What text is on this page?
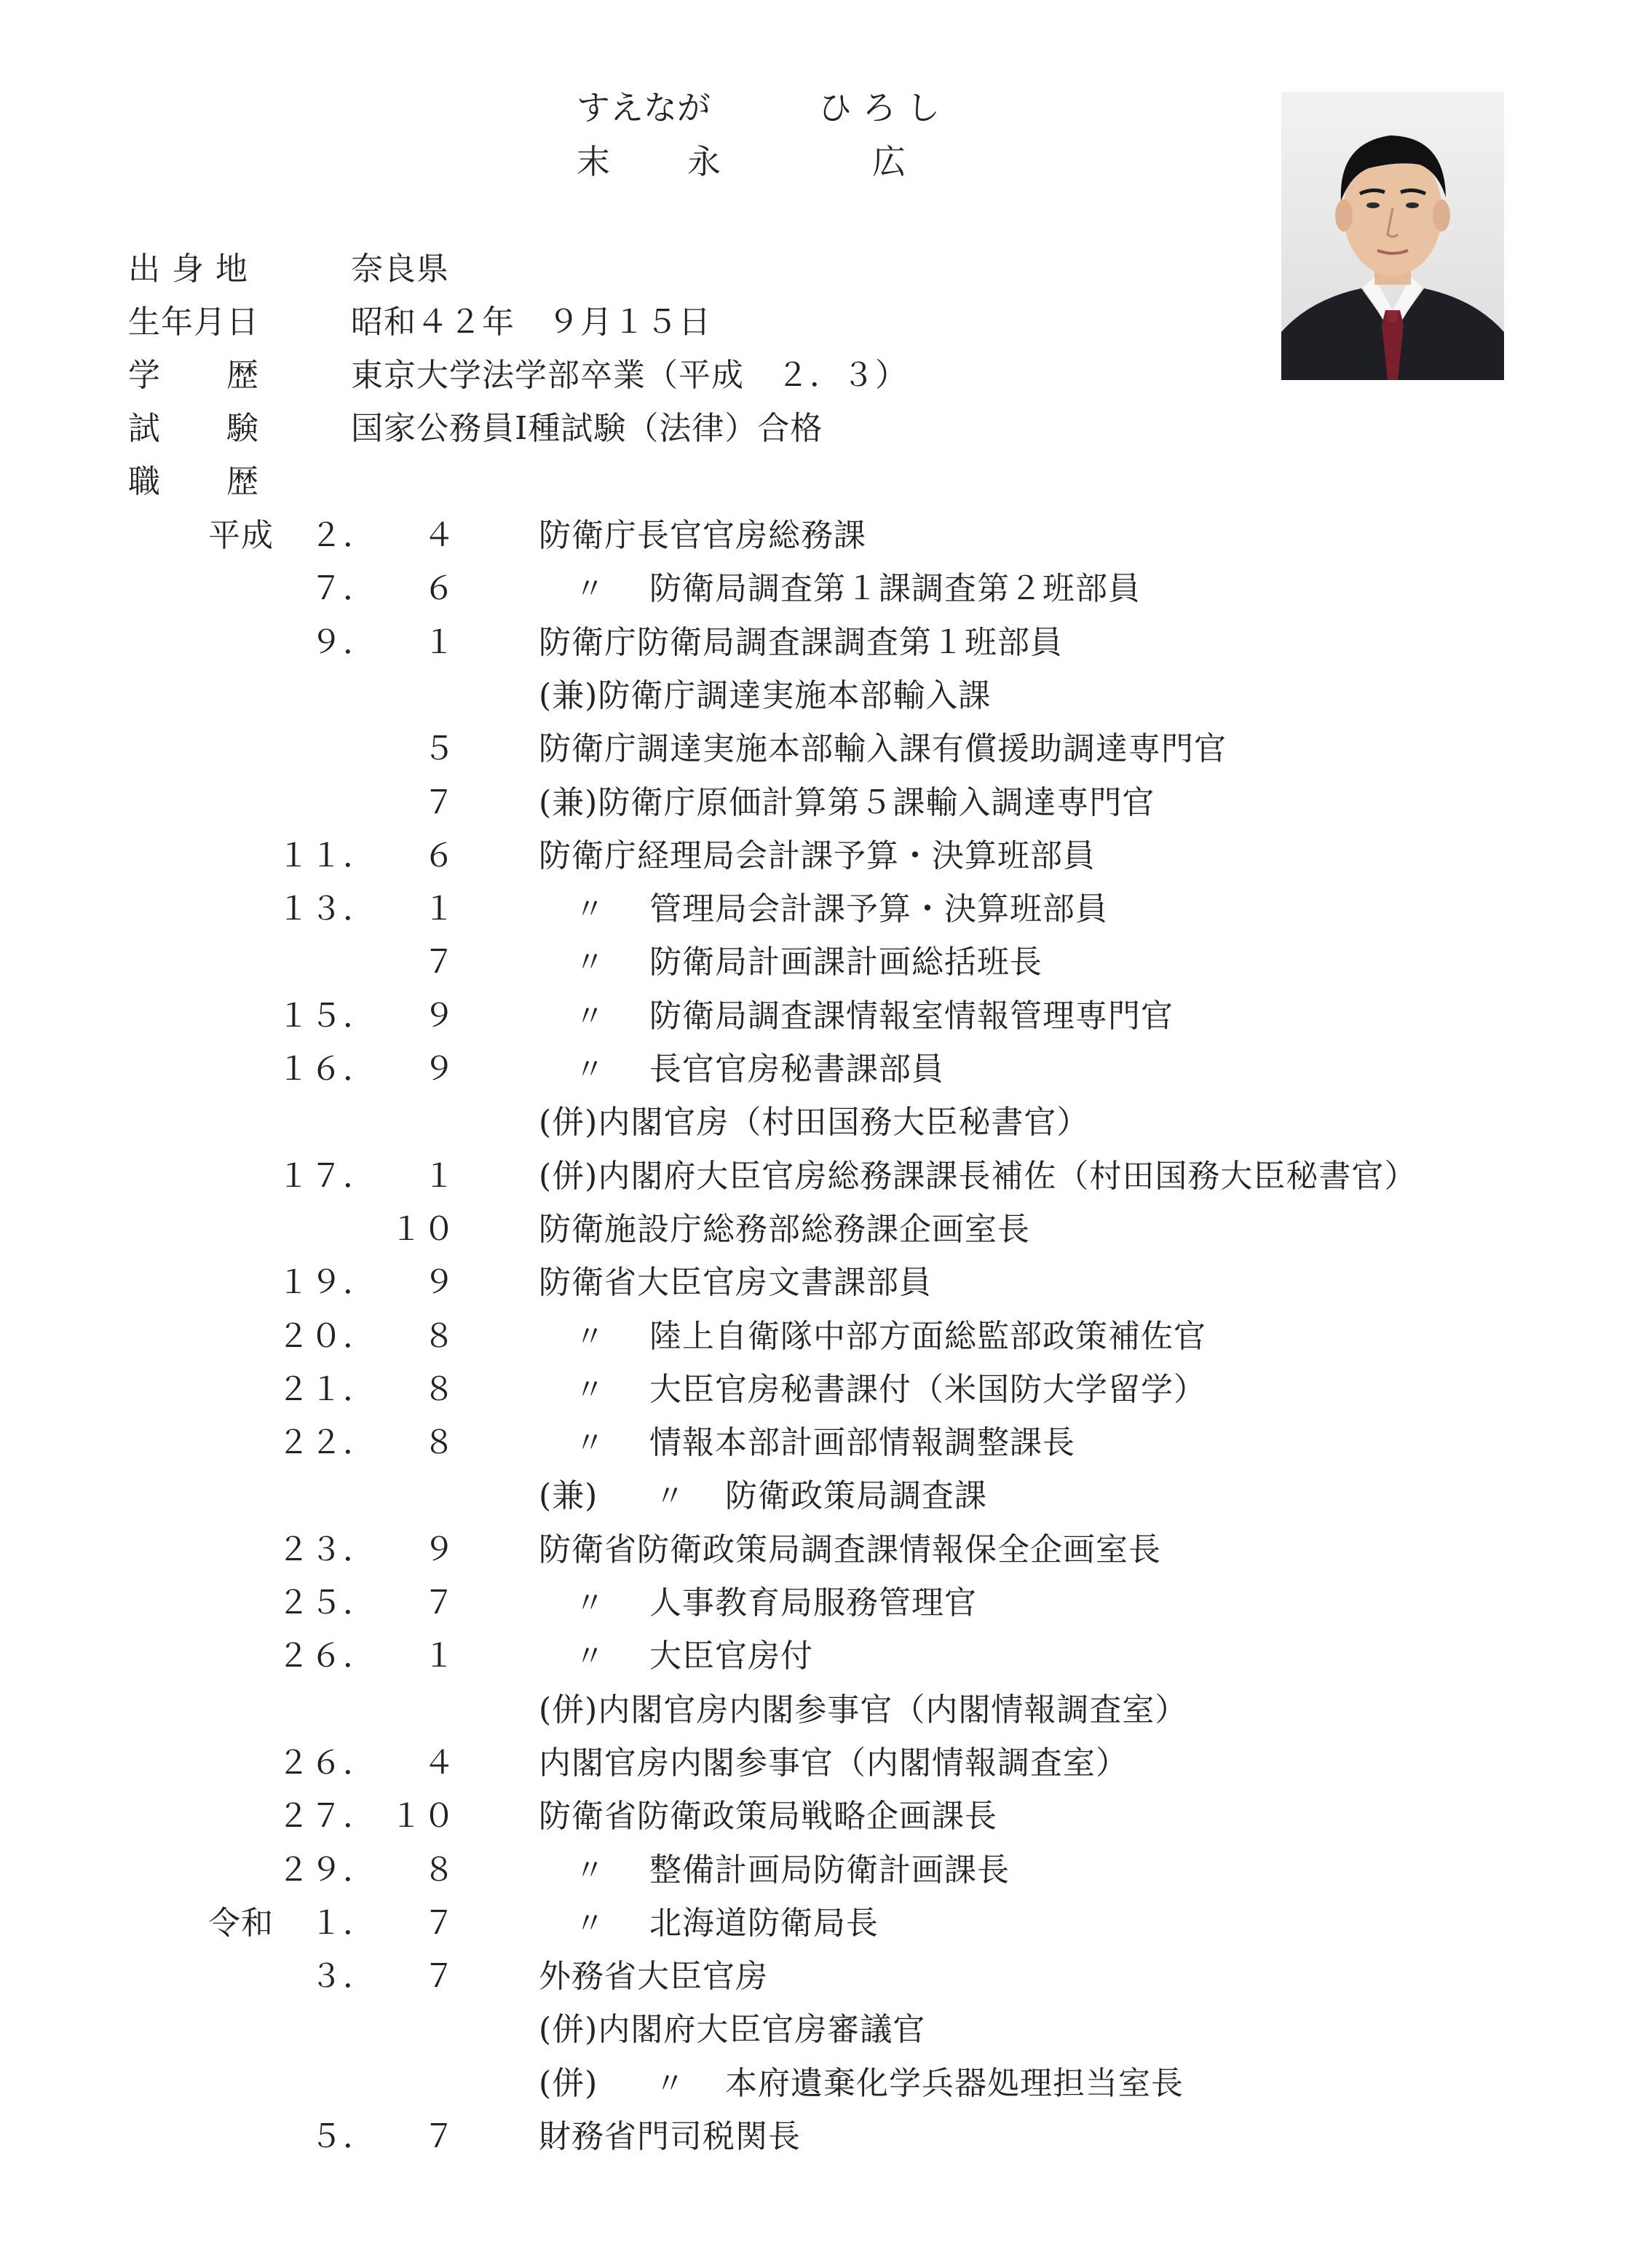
すえなが	ひ ろ し
末 永	広
出 身 地	奈良県
生年月日	昭和４２年　９月１５日
学　　歴	東京大学法学部卒業（平成　２．３）
試　　験	国家公務員Ⅰ種試験（法律）合格
職　　歴
平成 ２． ４	防衛庁長官官房総務課
７． ６	〃 防衛局調査第１課調査第２班部員
９． １	防衛庁防衛局調査課調査第１班部員
(兼)防衛庁調達実施本部輸入課
５	防衛庁調達実施本部輸入課有償援助調達専門官
７	(兼)防衛庁原価計算第５課輸入調達専門官
１１． ６	防衛庁経理局会計課予算・決算班部員
１３． １	〃 管理局会計課予算・決算班部員
７	〃 防衛局計画課計画総括班長
１５． ９	〃 防衛局調査課情報室情報管理専門官
１６． ９	〃 長官官房秘書課部員
(併)内閣官房（村田国務大臣秘書官）
１７． １	(併)内閣府大臣官房総務課課長補佐（村田国務大臣秘書官）
１０	防衛施設庁総務部総務課企画室長
１９． ９	防衛省大臣官房文書課部員
２０． ８	〃 陸上自衛隊中部方面総監部政策補佐官
２１． ８	〃 大臣官房秘書課付（米国防大学留学）
２２． ８	〃 情報本部計画部情報調整課長
(兼) 〃 防衛政策局調査課
２３． ９	防衛省防衛政策局調査課情報保全企画室長
２５． ７	〃 人事教育局服務管理官
２６． １	〃 大臣官房付
(併)内閣官房内閣参事官（内閣情報調査室）
２６． ４	内閣官房内閣参事官（内閣情報調査室）
２７． １０	防衛省防衛政策局戦略企画課長
２９． ８	〃 整備計画局防衛計画課長
令和 １． ７	〃 北海道防衛局長
３． ７	外務省大臣官房
(併)内閣府大臣官房審議官
(併) 〃 本府遺棄化学兵器処理担当室長
５． ７	財務省門司税関長
